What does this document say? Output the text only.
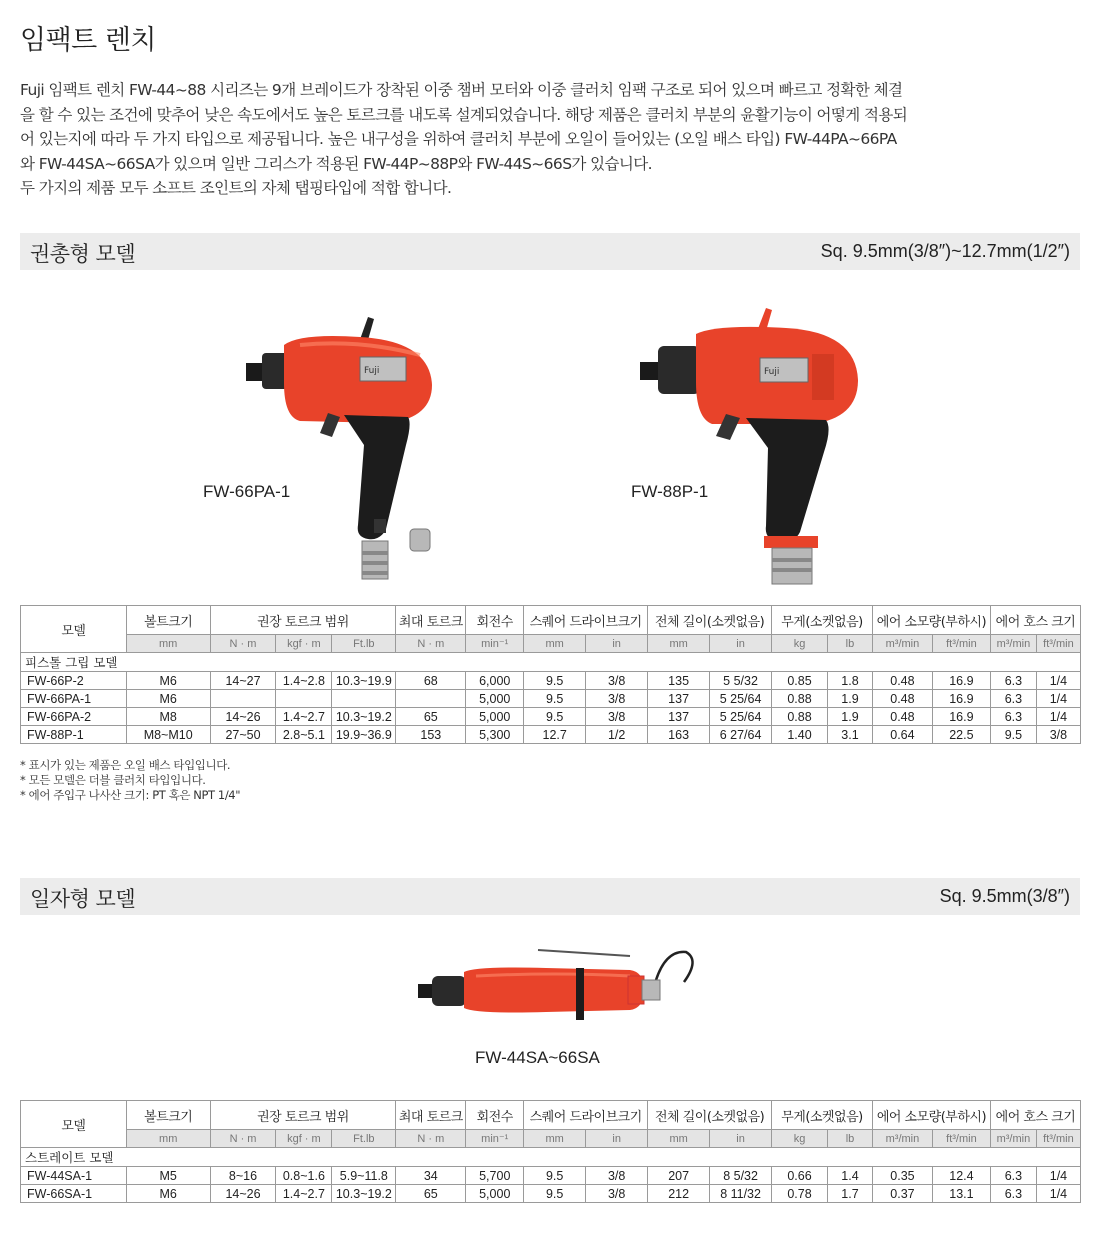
임팩트 렌치

Fuji 임팩트 렌치 FW-44~88 시리즈는 9개 브레이드가 장착된 이중 챔버 모터와 이중 클러치 임팩 구조로 되어 있으며 빠르고 정확한 체결

을 할 수 있는 조건에 맞추어 낮은 속도에서도 높은 토르크를 내도록 설계되었습니다. 해당 제품은 클러치 부분의 윤활기능이 어떻게 적용되

어 있는지에 따라 두 가지 타입으로 제공됩니다. 높은 내구성을 위하여 클러치 부분에 오일이 들어있는 (오일 배스 타입) FW-44PA~66PA

와 FW-44SA~66SA가 있으며 일반 그리스가 적용된 FW-44P~88P와 FW-44S~66S가 있습니다.

두 가지의 제품 모두 소프트 조인트의 자체 탭핑타입에 적합 합니다.

권총형 모델	Sq. 9.5mm(3/8″)~12.7mm(1/2″)
Fuji
FW-66PA-1
Fuji
FW-88P-1
모델	볼트크기	권장 토르크 범위			최대 토르크	회전수	스퀘어 드라이브크기		전체 길이(소켓없음)		무게(소켓없음)		에어 소모량(부하시)		에어 호스 크기	
	mm	N · m	kgf · m	Ft.lb	N · m	min⁻¹	mm	in	mm	in	kg	lb	m³/min	ft³/min	m³/min	ft³/min
피스톨 그립 모델																
FW-66P-2	M6	14~27	1.4~2.8	10.3~19.9	68	6,000	9.5	3/8	135	5 5/32	0.85	1.8	0.48	16.9	6.3	1/4
FW-66PA-1	M6					5,000	9.5	3/8	137	5 25/64	0.88	1.9	0.48	16.9	6.3	1/4
FW-66PA-2	M8	14~26	1.4~2.7	10.3~19.2	65	5,000	9.5	3/8	137	5 25/64	0.88	1.9	0.48	16.9	6.3	1/4
FW-88P-1	M8~M10	27~50	2.8~5.1	19.9~36.9	153	5,300	12.7	1/2	163	6 27/64	1.40	3.1	0.64	22.5	9.5	3/8
* 표시가 있는 제품은 오일 배스 타입입니다.
* 모든 모델은 더블 클러치 타입입니다.
* 에어 주입구 나사산 크기: PT 혹은 NPT 1/4"
일자형 모델	Sq. 9.5mm(3/8″)
FW-44SA~66SA
모델	볼트크기	권장 토르크 범위			최대 토르크	회전수	스퀘어 드라이브크기		전체 길이(소켓없음)		무게(소켓없음)		에어 소모량(부하시)		에어 호스 크기	
	mm	N · m	kgf · m	Ft.lb	N · m	min⁻¹	mm	in	mm	in	kg	lb	m³/min	ft³/min	m³/min	ft³/min
스트레이트 모델																
FW-44SA-1	M5	8~16	0.8~1.6	5.9~11.8	34	5,700	9.5	3/8	207	8 5/32	0.66	1.4	0.35	12.4	6.3	1/4
FW-66SA-1	M6	14~26	1.4~2.7	10.3~19.2	65	5,000	9.5	3/8	212	8 11/32	0.78	1.7	0.37	13.1	6.3	1/4
